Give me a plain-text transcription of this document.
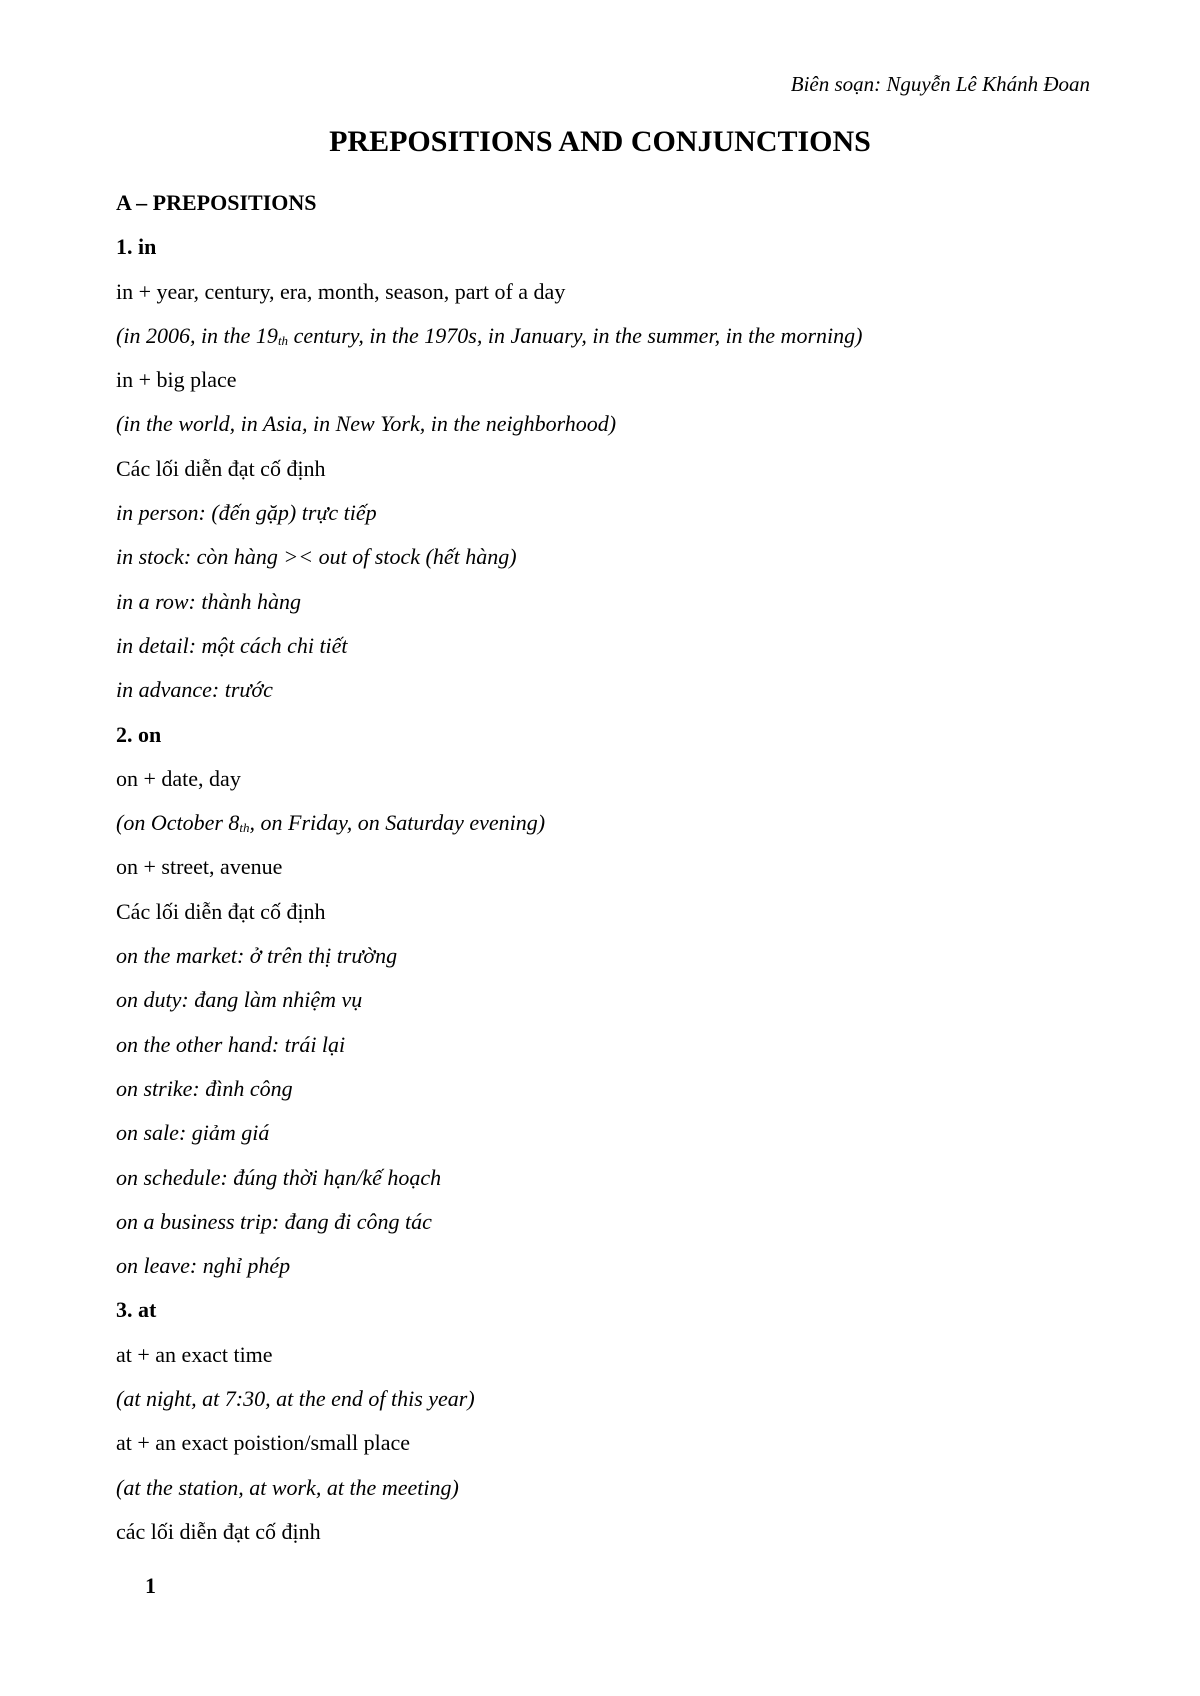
Biên soạn: Nguyễn Lê Khánh Đoan
PREPOSITIONS AND CONJUNCTIONS
A – PREPOSITIONS
1. in
in + year, century, era, month, season, part of a day
(in 2006, in the $19_{th}$ century, in the 1970s, in January, in the summer, in the morning)
in + big place
(in the world, in Asia, in New York, in the neighborhood)
Các lối diễn đạt cố định
in person: (đến gặp) trực tiếp
in stock: còn hàng >< out of stock (hết hàng)
in a row: thành hàng
in detail: một cách chi tiết
in advance: trước
2. on
on + date, day
(on October $8_{th}$, on Friday, on Saturday evening)
on + street, avenue
Các lối diễn đạt cố định
on the market: ở trên thị trường
on duty: đang làm nhiệm vụ
on the other hand: trái lại
on strike: đình công
on sale: giảm giá
on schedule: đúng thời hạn/kế hoạch
on a business trip: đang đi công tác
on leave: nghỉ phép
3. at
at + an exact time
(at night, at 7:30, at the end of this year)
at + an exact poistion/small place
(at the station, at work, at the meeting)
các lối diễn đạt cố định
1
